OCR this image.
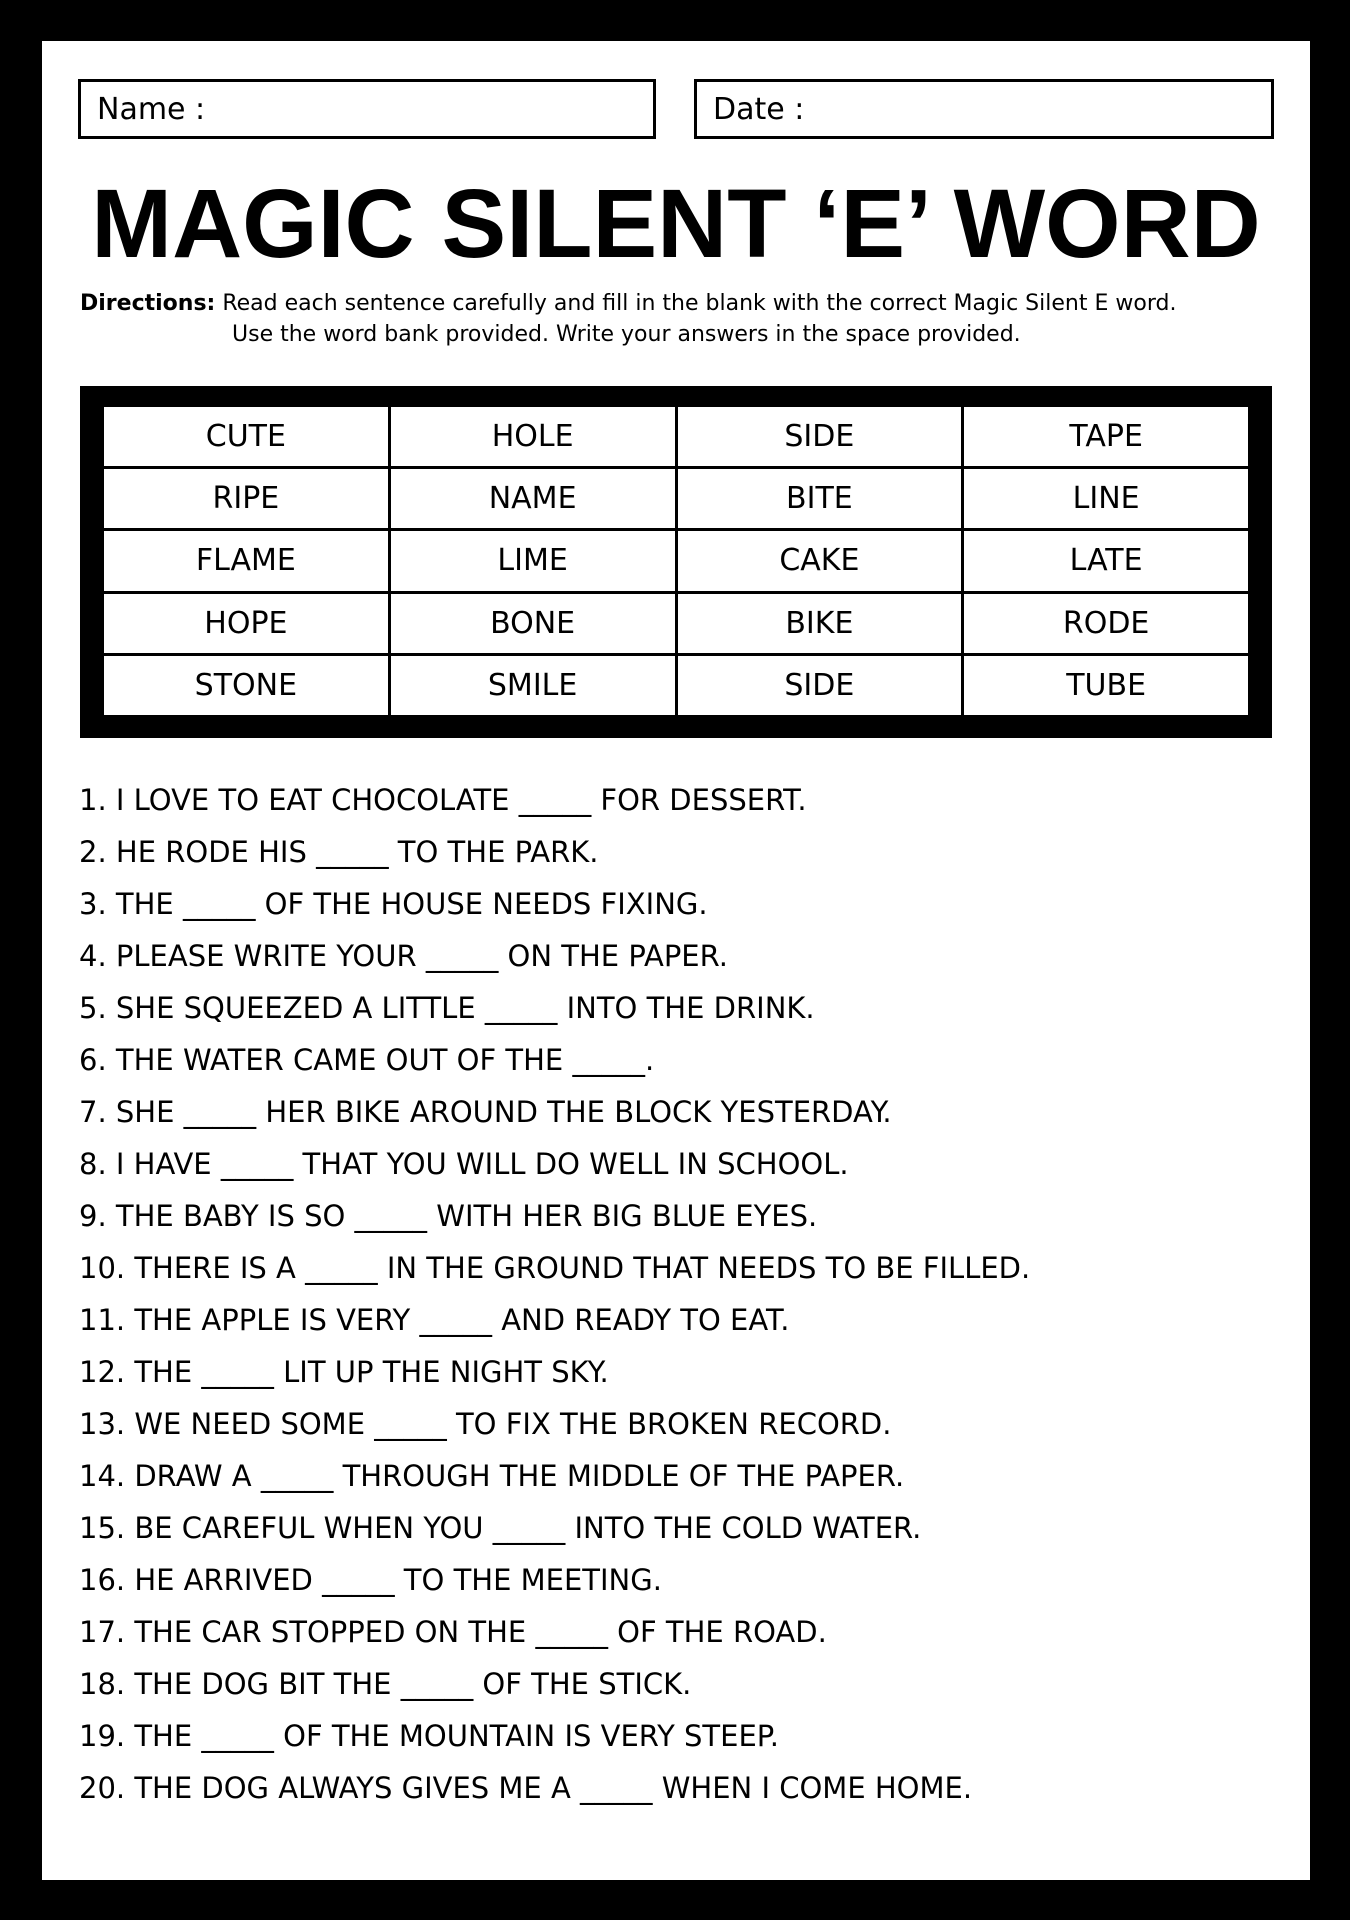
Name :	Date :
MAGIC SILENT ‘E’ WORD
Directions: Read each sentence carefully and fill in the blank with the correct Magic Silent E word.
Use the word bank provided. Write your answers in the space provided.
CUTE	HOLE	SIDE	TAPE
RIPE	NAME	BITE	LINE
FLAME	LIME	CAKE	LATE
HOPE	BONE	BIKE	RODE
STONE	SMILE	SIDE	TUBE
1. I LOVE TO EAT CHOCOLATE _____ FOR DESSERT.
2. HE RODE HIS _____ TO THE PARK.
3. THE _____ OF THE HOUSE NEEDS FIXING.
4. PLEASE WRITE YOUR _____ ON THE PAPER.
5. SHE SQUEEZED A LITTLE _____ INTO THE DRINK.
6. THE WATER CAME OUT OF THE _____.
7. SHE _____ HER BIKE AROUND THE BLOCK YESTERDAY.
8. I HAVE _____ THAT YOU WILL DO WELL IN SCHOOL.
9. THE BABY IS SO _____ WITH HER BIG BLUE EYES.
10. THERE IS A _____ IN THE GROUND THAT NEEDS TO BE FILLED.
11. THE APPLE IS VERY _____ AND READY TO EAT.
12. THE _____ LIT UP THE NIGHT SKY.
13. WE NEED SOME _____ TO FIX THE BROKEN RECORD.
14. DRAW A _____ THROUGH THE MIDDLE OF THE PAPER.
15. BE CAREFUL WHEN YOU _____ INTO THE COLD WATER.
16. HE ARRIVED _____ TO THE MEETING.
17. THE CAR STOPPED ON THE _____ OF THE ROAD.
18. THE DOG BIT THE _____ OF THE STICK.
19. THE _____ OF THE MOUNTAIN IS VERY STEEP.
20. THE DOG ALWAYS GIVES ME A _____ WHEN I COME HOME.
